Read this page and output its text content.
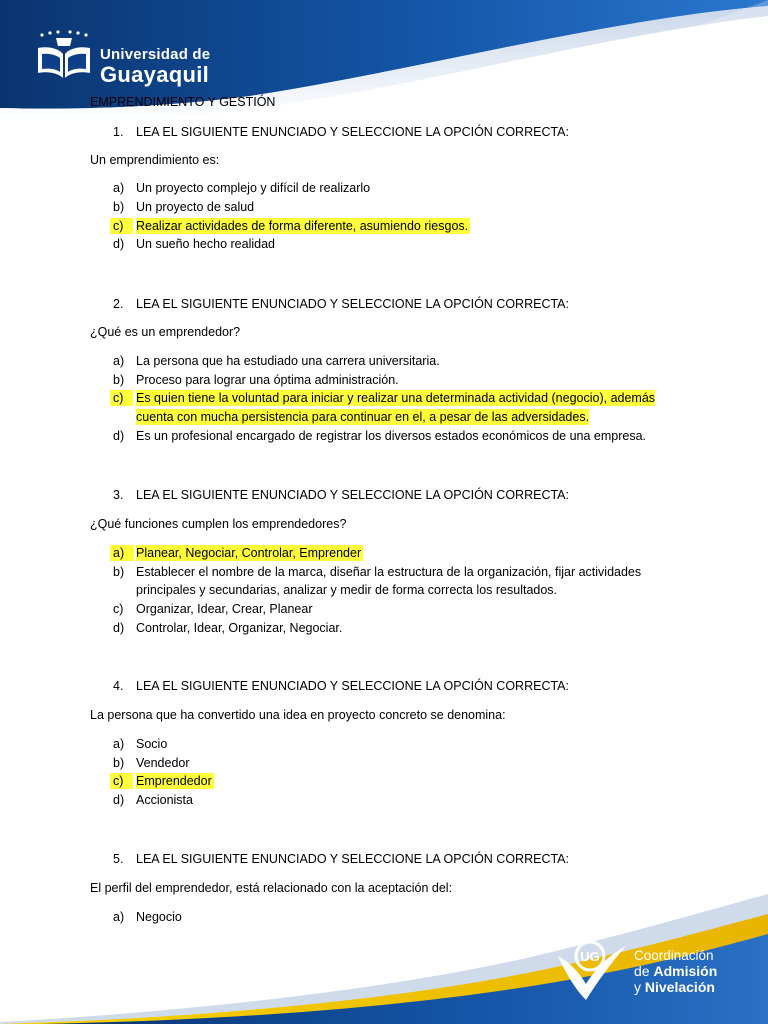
Universidad de
Guayaquil
EMPRENDIMIENTO Y GESTIÓN
1. LEA EL SIGUIENTE ENUNCIADO Y SELECCIONE LA OPCIÓN CORRECTA:
Un emprendimiento es:
a) Un proyecto complejo y difícil de realizarlo
b) Un proyecto de salud
c)	Realizar actividades de forma diferente, asumiendo riesgos.
d) Un sueño hecho realidad
2. LEA EL SIGUIENTE ENUNCIADO Y SELECCIONE LA OPCIÓN CORRECTA:
¿Qué es un emprendedor?
a) La persona que ha estudiado una carrera universitaria.
b) Proceso para lograr una óptima administración.
c)	Es quien tiene la voluntad para iniciar y realizar una determinada actividad (negocio), además
cuenta con mucha persistencia para continuar en el, a pesar de las adversidades.
d) Es un profesional encargado de registrar los diversos estados económicos de una empresa.
3. LEA EL SIGUIENTE ENUNCIADO Y SELECCIONE LA OPCIÓN CORRECTA:
¿Qué funciones cumplen los emprendedores?
a) Planear, Negociar, Controlar, Emprender
b) Establecer el nombre de la marca, diseñar la estructura de la organización, fijar actividades
principales y secundarias, analizar y medir de forma correcta los resultados.
c) Organizar, Idear, Crear, Planear
d) Controlar, Idear, Organizar, Negociar.
4. LEA EL SIGUIENTE ENUNCIADO Y SELECCIONE LA OPCIÓN CORRECTA:
La persona que ha convertido una idea en proyecto concreto se denomina:
a) Socio
b) Vendedor
c)	Emprendedor
d) Accionista
5. LEA EL SIGUIENTE ENUNCIADO Y SELECCIONE LA OPCIÓN CORRECTA:
El perfil del emprendedor, está relacionado con la aceptación del:
a) Negocio
UG	Coordinación
de Admisión
y Nivelación
